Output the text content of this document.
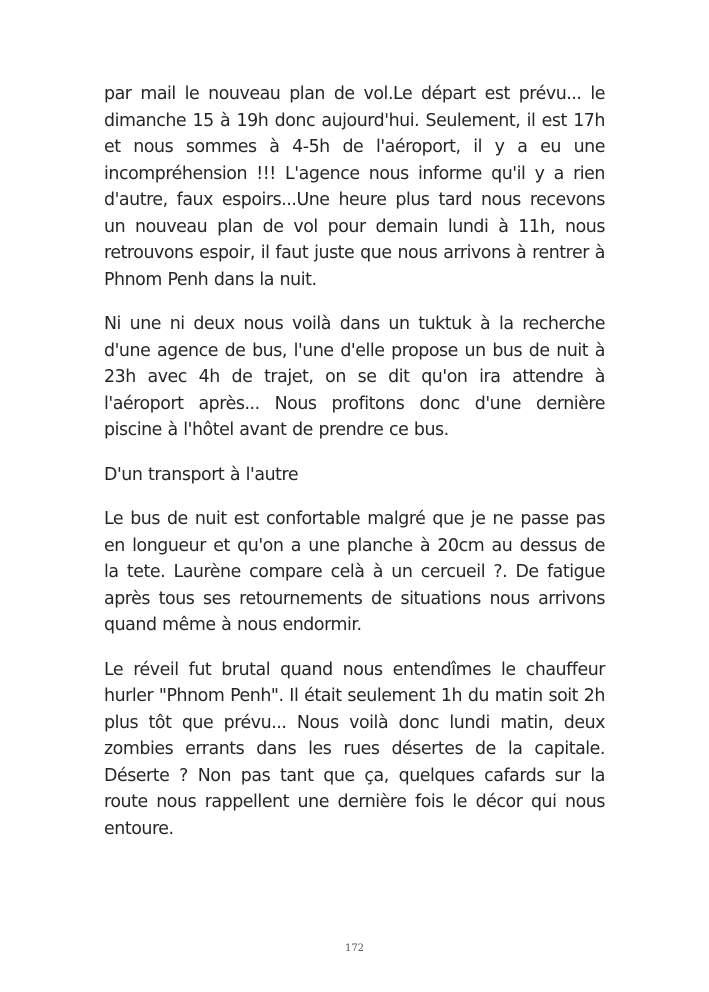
par mail le nouveau plan de vol.Le départ est prévu... le dimanche 15 à 19h donc aujourd'hui. Seulement, il est 17h et nous sommes à 4-5h de l'aéroport, il y a eu une incompréhension !!! L'agence nous informe qu'il y a rien d'autre, faux espoirs...Une heure plus tard nous recevons un nouveau plan de vol pour demain lundi à 11h, nous retrouvons espoir, il faut juste que nous arrivons à rentrer à Phnom Penh dans la nuit.

Ni une ni deux nous voilà dans un tuktuk à la recherche d'une agence de bus, l'une d'elle propose un bus de nuit à 23h avec 4h de trajet, on se dit qu'on ira attendre à l'aéroport après... Nous profitons donc d'une dernière piscine à l'hôtel avant de prendre ce bus.

D'un transport à l'autre

Le bus de nuit est confortable malgré que je ne passe pas en longueur et qu'on a une planche à 20cm au dessus de la tete. Laurène compare celà à un cercueil ?. De fatigue après tous ses retournements de situations nous arrivons quand même à nous endormir.

Le réveil fut brutal quand nous entendîmes le chauffeur hurler "Phnom Penh". Il était seulement 1h du matin soit 2h plus tôt que prévu... Nous voilà donc lundi matin, deux zombies errants dans les rues désertes de la capitale. Déserte ? Non pas tant que ça, quelques cafards sur la route nous rappellent une dernière fois le décor qui nous entoure.

172
